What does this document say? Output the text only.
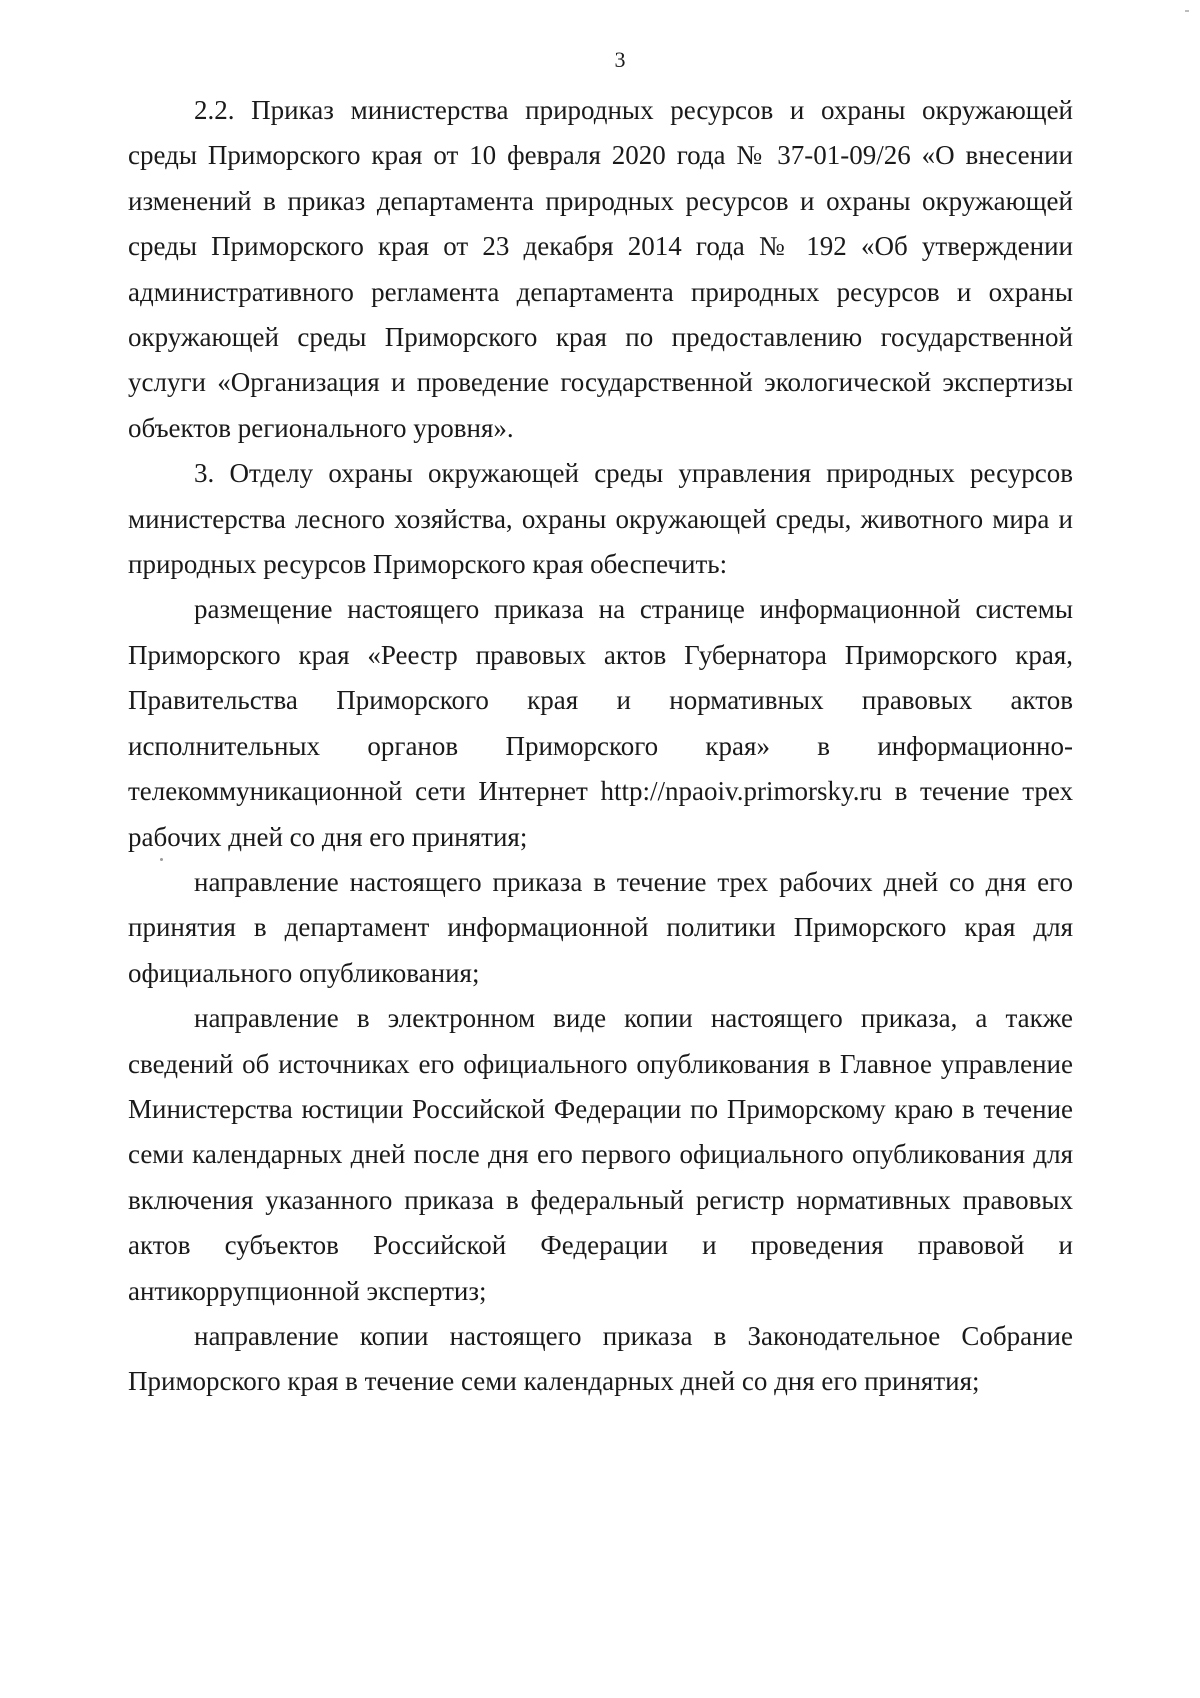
3

2.2. Приказ министерства природных ресурсов и охраны окружающей среды Приморского края от 10 февраля 2020 года № 37-01-09/26 «О внесении изменений в приказ департамента природных ресурсов и охраны окружающей среды Приморского края от 23 декабря 2014 года № 192 «Об утверждении административного регламента департамента природных ресурсов и охраны окружающей среды Приморского края по предоставлению государственной услуги «Организация и проведение государственной экологической экспертизы объектов регионального уровня».

3. Отделу охраны окружающей среды управления природных ресурсов министерства лесного хозяйства, охраны окружающей среды, животного мира и природных ресурсов Приморского края обеспечить:

размещение настоящего приказа на странице информационной системы Приморского края «Реестр правовых актов Губернатора Приморского края, Правительства Приморского края и нормативных правовых актов исполнительных органов Приморского края» в информационно-телекоммуникационной сети Интернет http://npaoiv.primorsky.ru в течение трех рабочих дней со дня его принятия;

направление настоящего приказа в течение трех рабочих дней со дня его принятия в департамент информационной политики Приморского края для официального опубликования;

направление в электронном виде копии настоящего приказа, а также сведений об источниках его официального опубликования в Главное управление Министерства юстиции Российской Федерации по Приморскому краю в течение семи календарных дней после дня его первого официального опубликования для включения указанного приказа в федеральный регистр нормативных правовых актов субъектов Российской Федерации и проведения правовой и антикоррупционной экспертиз;

направление копии настоящего приказа в Законодательное Собрание Приморского края в течение семи календарных дней со дня его принятия;
